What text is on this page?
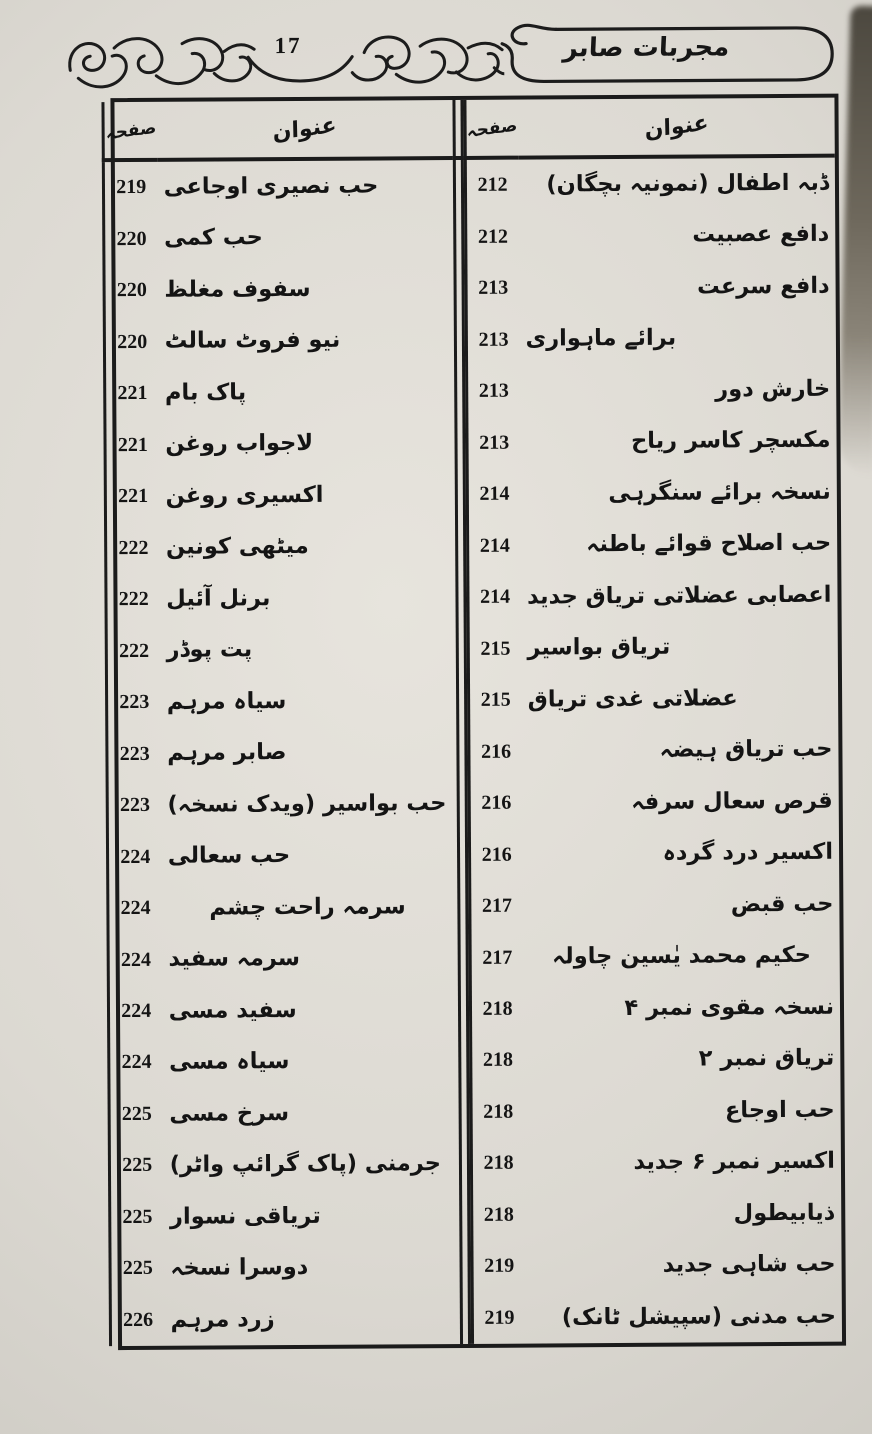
17	مجربات صابر
عنوان
صفحہ
عنوان
صفحہ
ڈبہ اطفال (نمونیہ بچگان)
دافع عصبیت
دافع سرعت
برائے ماہواری
خارش دور
مکسچر کاسر ریاح
نسخہ برائے سنگرہی
حب اصلاح قوائے باطنہ
اعصابی عضلاتی تریاق جدید
تریاق بواسیر
عضلاتی غدی تریاق
حب تریاق ہیضہ
قرص سعال سرفہ
اکسیر درد گردہ
حب قبض
حکیم محمد یٰسین چاولہ
نسخہ مقوی نمبر ۴
تریاق نمبر ۲
حب اوجاع
اکسیر نمبر ۶ جدید
ذیابیطول
حب شاہی جدید
حب مدنی (سپیشل ٹانک)
212
212
213
213
213
213
214
214
214
215
215
216
216
216
217
217
218
218
218
218
218
219
219
حب نصیری اوجاعی
حب کمی
سفوف مغلظ
نیو فروٹ سالٹ
پاک بام
لاجواب روغن
اکسیری روغن
میٹھی کونین
برنل آئیل
پت پوڈر
سیاہ مرہم
صابر مرہم
حب بواسیر (ویدک نسخہ)
حب سعالی
سرمہ راحت چشم
سرمہ سفید
سفید مسی
سیاہ مسی
سرخ مسی
جرمنی (پاک گرائپ واٹر)
تریاقی نسوار
دوسرا نسخہ
زرد مرہم
219
220
220
220
221
221
221
222
222
222
223
223
223
224
224
224
224
224
225
225
225
225
226
